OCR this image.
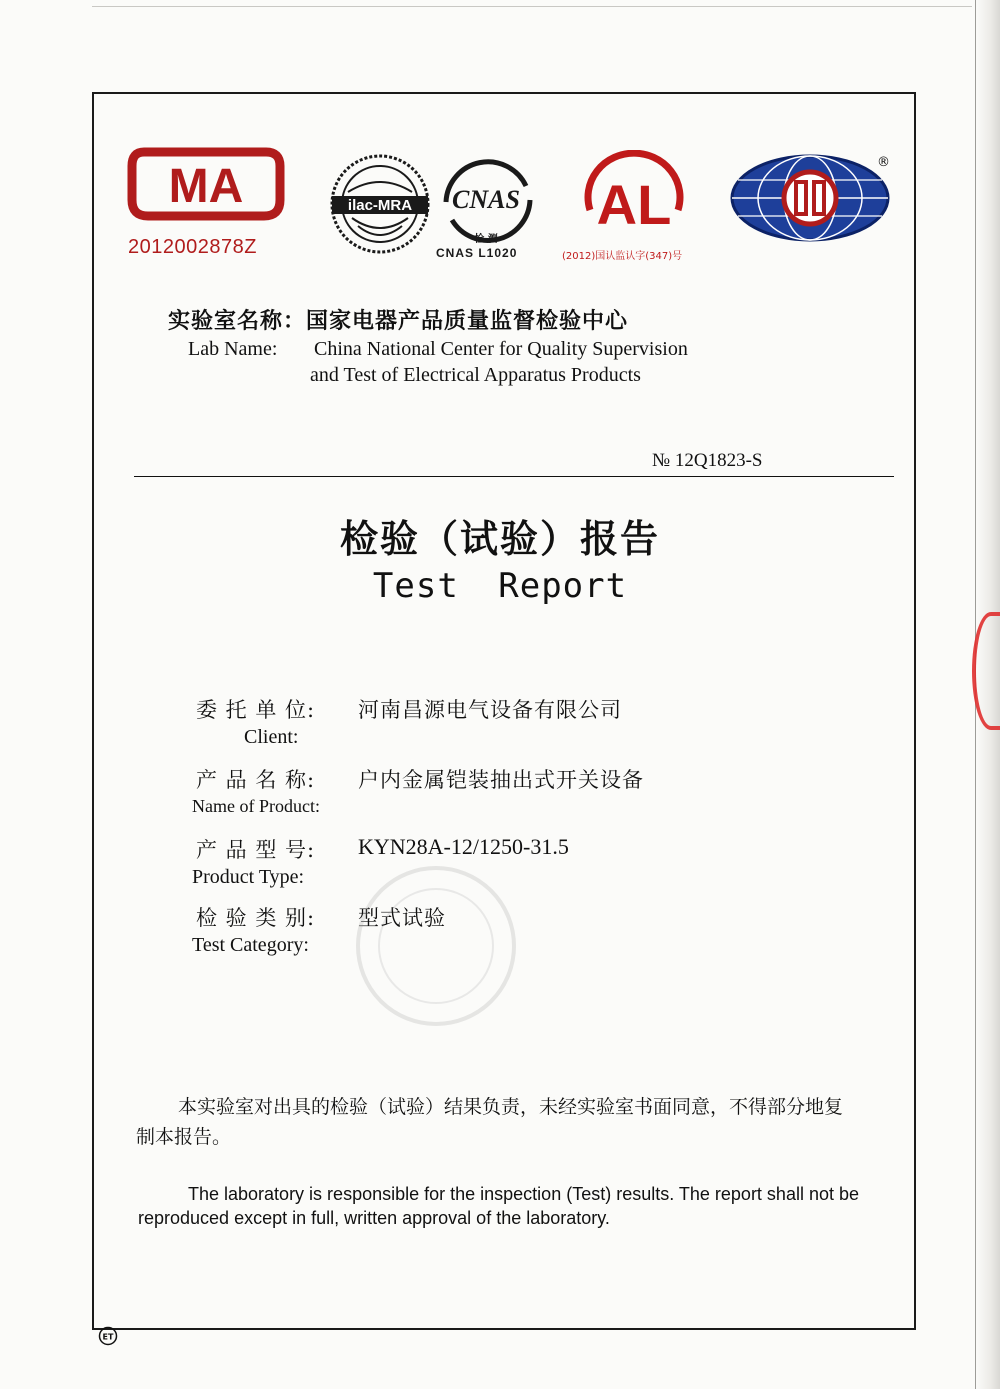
MA
2012002878Z
ilac-MRA CNAS
检 测
CNAS L1020
AL
(2012)国认监认字(347)号
®
实验室名称：国家电器产品质量监督检验中心
Lab Name: China National Center for Quality Supervision
and Test of Electrical Apparatus Products
№ 12Q1823-S
检验（试验）报告
Test Report
委 托 单 位: 河南昌源电气设备有限公司
Client:
产 品 名 称: 户内金属铠装抽出式开关设备
Name of Product:
产 品 型 号: KYN28A-12/1250-31.5
Product Type:
检 验 类 别: 型式试验
Test Category:
本实验室对出具的检验（试验）结果负责，未经实验室书面同意，不得部分地复制本报告。
The laboratory is responsible for the inspection (Test) results. The report shall not be reproduced except in full, written approval of the laboratory.
ET
